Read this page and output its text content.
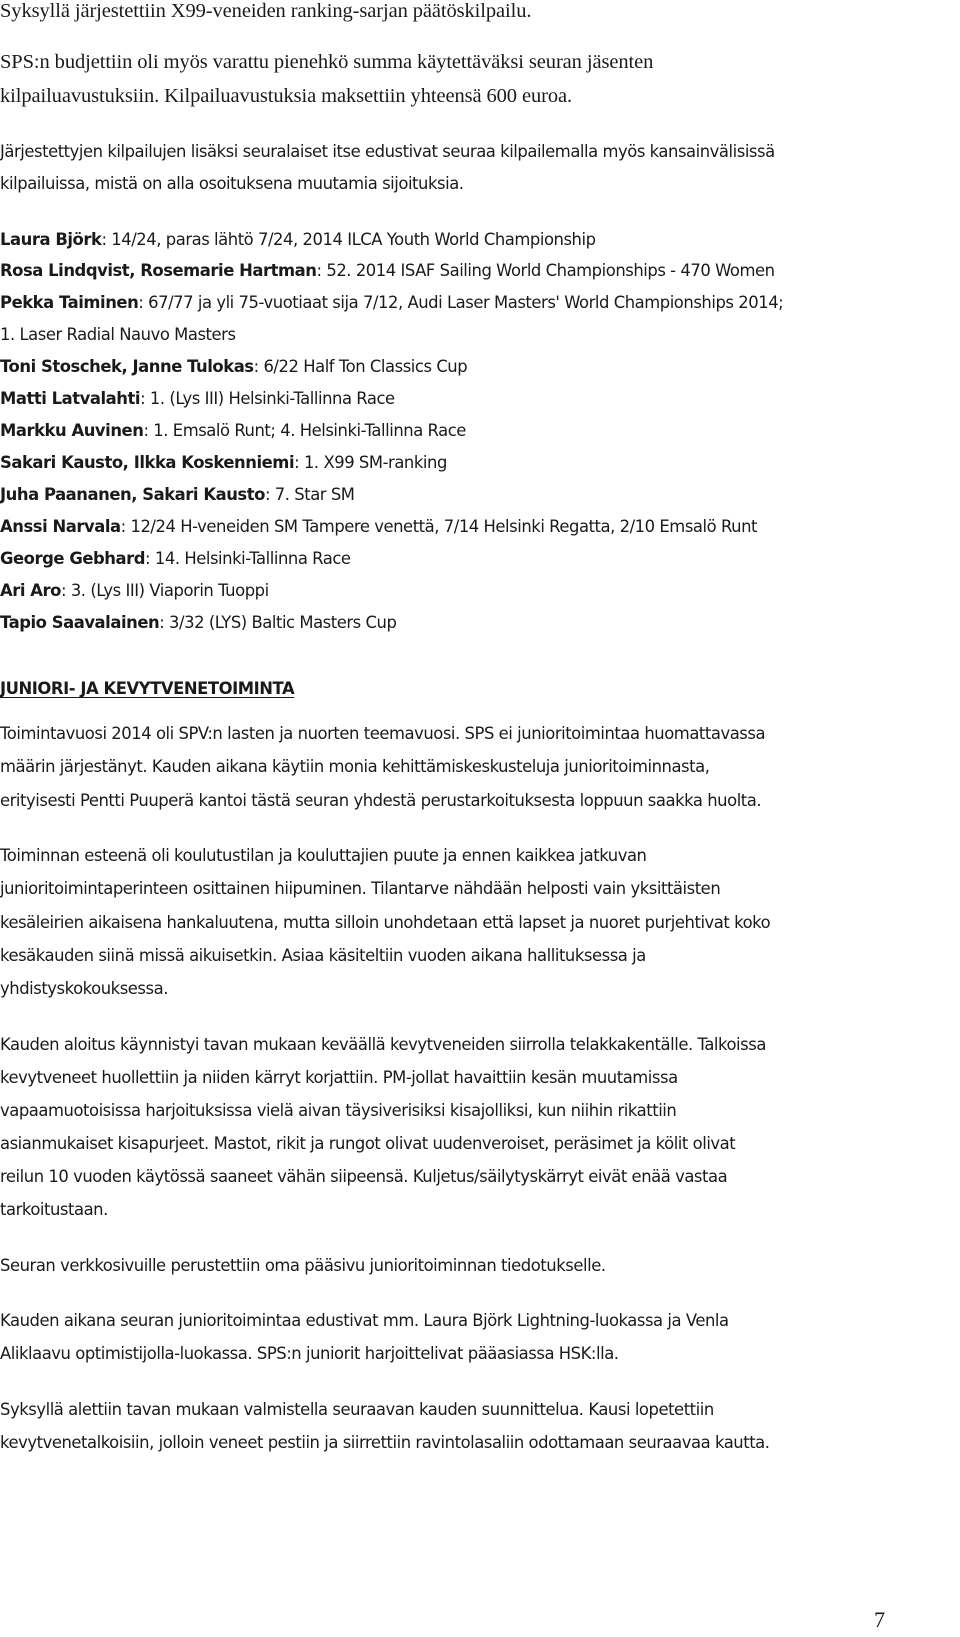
Syksyllä järjestettiin X99-veneiden ranking-sarjan päätöskilpailu.

SPS:n budjettiin oli myös varattu pienehkö summa käytettäväksi seuran jäsenten

kilpailuavustuksiin. Kilpailuavustuksia maksettiin yhteensä 600 euroa.

Järjestettyjen kilpailujen lisäksi seuralaiset itse edustivat seuraa kilpailemalla myös kansainvälisissä

kilpailuissa, mistä on alla osoituksena muutamia sijoituksia.

Laura Björk: 14/24, paras lähtö 7/24, 2014 ILCA Youth World Championship

Rosa Lindqvist, Rosemarie Hartman: 52. 2014 ISAF Sailing World Championships - 470 Women

Pekka Taiminen: 67/77 ja yli 75-vuotiaat sija 7/12, Audi Laser Masters' World Championships 2014;

1. Laser Radial Nauvo Masters

Toni Stoschek, Janne Tulokas: 6/22 Half Ton Classics Cup

Matti Latvalahti: 1. (Lys III) Helsinki-Tallinna Race

Markku Auvinen: 1. Emsalö Runt; 4. Helsinki-Tallinna Race

Sakari Kausto, Ilkka Koskenniemi: 1. X99 SM-ranking

Juha Paananen, Sakari Kausto: 7. Star SM

Anssi Narvala: 12/24 H-veneiden SM Tampere venettä, 7/14 Helsinki Regatta, 2/10 Emsalö Runt

George Gebhard: 14. Helsinki-Tallinna Race

Ari Aro: 3. (Lys III) Viaporin Tuoppi

Tapio Saavalainen: 3/32 (LYS) Baltic Masters Cup

JUNIORI- JA KEVYTVENETOIMINTA

Toimintavuosi 2014 oli SPV:n lasten ja nuorten teemavuosi. SPS ei junioritoimintaa huomattavassa

määrin järjestänyt. Kauden aikana käytiin monia kehittämiskeskusteluja junioritoiminnasta,

erityisesti Pentti Puuperä kantoi tästä seuran yhdestä perustarkoituksesta loppuun saakka huolta.

Toiminnan esteenä oli koulutustilan ja kouluttajien puute ja ennen kaikkea jatkuvan

junioritoimintaperinteen osittainen hiipuminen. Tilantarve nähdään helposti vain yksittäisten

kesäleirien aikaisena hankaluutena, mutta silloin unohdetaan että lapset ja nuoret purjehtivat koko

kesäkauden siinä missä aikuisetkin. Asiaa käsiteltiin vuoden aikana hallituksessa ja

yhdistyskokouksessa.

Kauden aloitus käynnistyi tavan mukaan keväällä kevytveneiden siirrolla telakkakentälle. Talkoissa

kevytveneet huollettiin ja niiden kärryt korjattiin. PM-jollat havaittiin kesän muutamissa

vapaamuotoisissa harjoituksissa vielä aivan täysiverisiksi kisajolliksi, kun niihin rikattiin

asianmukaiset kisapurjeet. Mastot, rikit ja rungot olivat uudenveroiset, peräsimet ja kölit olivat

reilun 10 vuoden käytössä saaneet vähän siipeensä. Kuljetus/säilytyskärryt eivät enää vastaa

tarkoitustaan.

Seuran verkkosivuille perustettiin oma pääsivu junioritoiminnan tiedotukselle.

Kauden aikana seuran junioritoimintaa edustivat mm. Laura Björk Lightning-luokassa ja Venla

Aliklaavu optimistijolla-luokassa. SPS:n juniorit harjoittelivat pääasiassa HSK:lla.

Syksyllä alettiin tavan mukaan valmistella seuraavan kauden suunnittelua. Kausi lopetettiin

kevytvenetalkoisiin, jolloin veneet pestiin ja siirrettiin ravintolasaliin odottamaan seuraavaa kautta.

7
